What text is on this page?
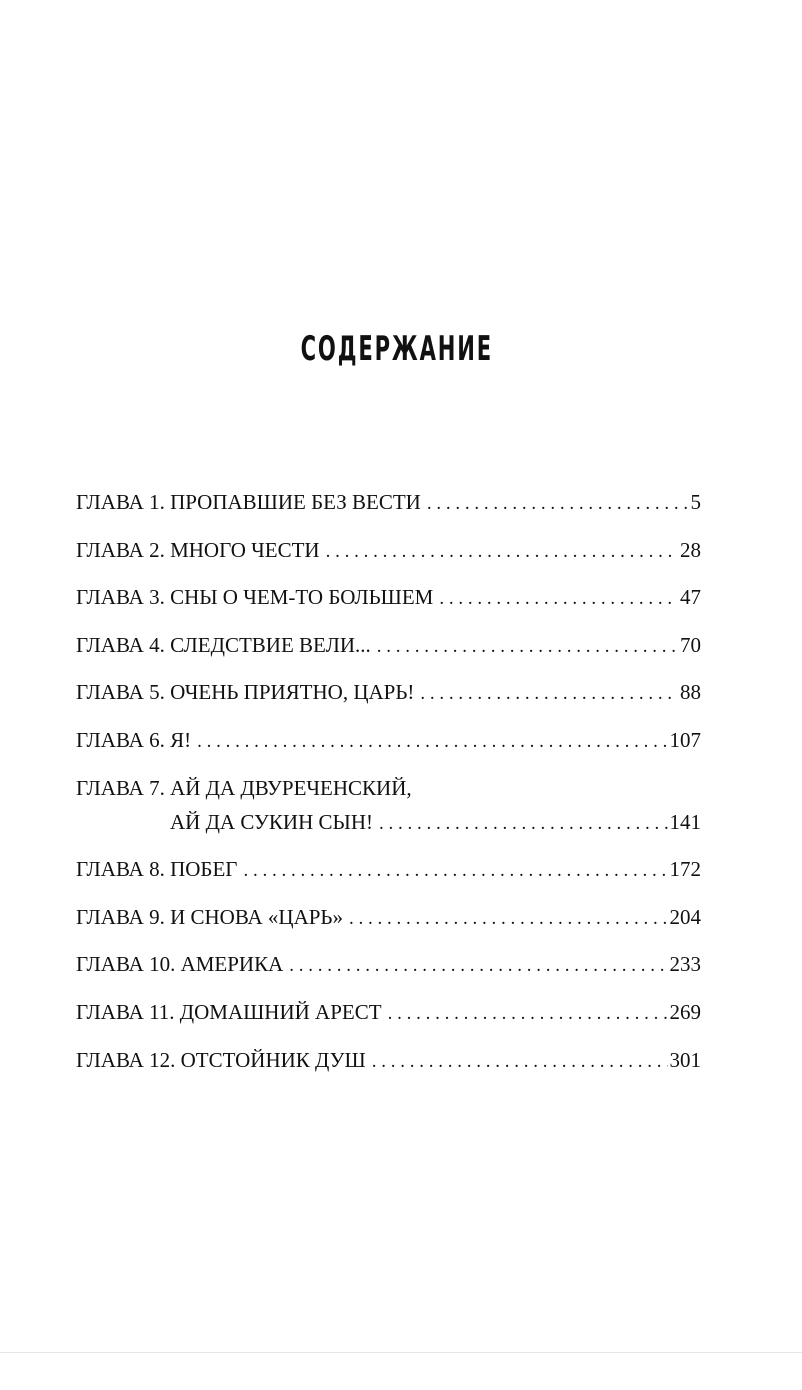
СОДЕРЖАНИЕ
ГЛАВА 1. ПРОПАВШИЕ БЕЗ ВЕСТИ . . .	5
ГЛАВА 2. МНОГО ЧЕСТИ . . .	28
ГЛАВА 3. СНЫ О ЧЕМ-ТО БОЛЬШЕМ . . .	47
ГЛАВА 4. СЛЕДСТВИЕ ВЕЛИ... . . .	70
ГЛАВА 5. ОЧЕНЬ ПРИЯТНО, ЦАРЬ! . . .	88
ГЛАВА 6. Я! . . .	107
ГЛАВА 7. АЙ ДА ДВУРЕЧЕНСКИЙ,
АЙ ДА СУКИН СЫН! . . .	141
ГЛАВА 8. ПОБЕГ . . .	172
ГЛАВА 9. И СНОВА «ЦАРЬ» . . .	204
ГЛАВА 10. АМЕРИКА . . .	233
ГЛАВА 11. ДОМАШНИЙ АРЕСТ . . .	269
ГЛАВА 12. ОТСТОЙНИК ДУШ . . .	301
